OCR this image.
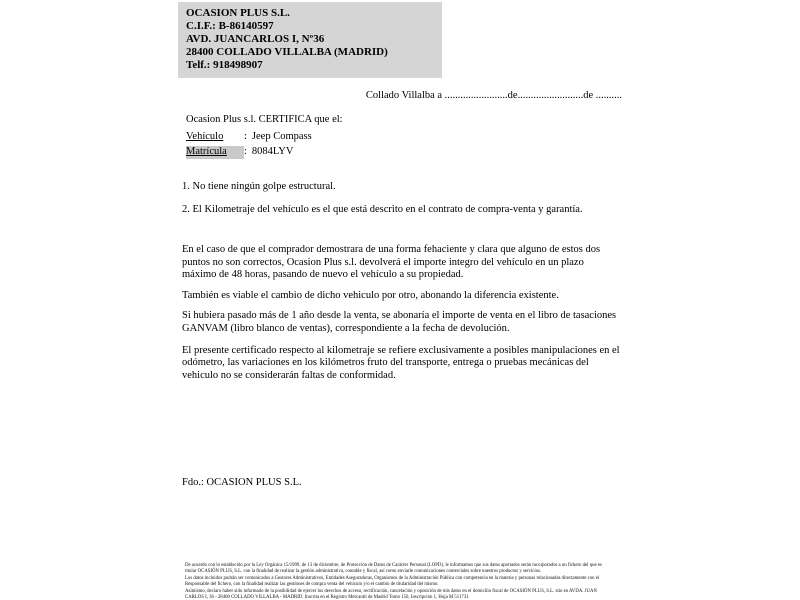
OCASION PLUS S.L.
C.I.F.: B-86140597
AVD. JUANCARLOS I, Nº36
28400 COLLADO VILLALBA (MADRID)
Telf.: 918498907
Collado Villalba a ........................de.........................de ..........
Ocasion Plus s.l. CERTIFICA que el:
Vehículo : Jeep Compass
Matrícula : 8084LYV
1. No tiene ningún golpe estructural.
2. El Kilometraje del vehículo es el que está descrito en el contrato de compra-venta y garantía.
En el caso de que el comprador demostrara de una forma fehaciente y clara que alguno de estos dos puntos no son correctos, Ocasion Plus s.l. devolverá el importe integro del vehículo en un plazo máximo de 48 horas, pasando de nuevo el vehículo a su propiedad.
También es viable el cambio de dicho vehiculo por otro, abonando la diferencia existente.
Si hubiera pasado más de 1 año desde la venta, se abonaría el importe de venta en el libro de tasaciones GANVAM (libro blanco de ventas), correspondiente a la fecha de devolución.
El presente certificado respecto al kilometraje se refiere exclusivamente a posibles manipulaciones en el odómetro, las variaciones en los kilómetros fruto del transporte, entrega o pruebas mecánicas del vehiculo no se considerarán faltas de conformidad.
Fdo.: OCASION PLUS S.L.
De acuerdo con lo establecido por la Ley Orgánica 15/1999, de 13 de diciembre, de Protección de Datos de Carácter Personal (LOPD), le informamos que sus datos aportados serán incorporados a un fichero del que es titular OCASIÓN PLUS, S.L. con la finalidad de realizar la gestión administrativa, contable y fiscal, así como enviarle comunicaciones comerciales sobre nuestros productos y servicios.
Los datos incluidos podrán ser comunicados a Gestores Administrativos, Entidades Aseguradoras, Organismos de la Administración Pública con competencia en la materia y personas relacionadas directamente con el Responsable del fichero, con la finalidad realizar las gestiones de compra venta del vehículo y/o el cambio de titularidad del mismo.
Asimismo, declaro haber sido informado de la posibilidad de ejercer los derechos de acceso, rectificación, cancelación y oposición de mis datos en el domicilio fiscal de OCASIÓN PLUS, S.L. sito en AVDA. JUAN CARLOS I, 36 - 28400 COLLADO VILLALBA - MADRID. Inscrita en el Registro Mercantil de Madrid Tomo 150, Inscripción 1, Hoja M 511731
